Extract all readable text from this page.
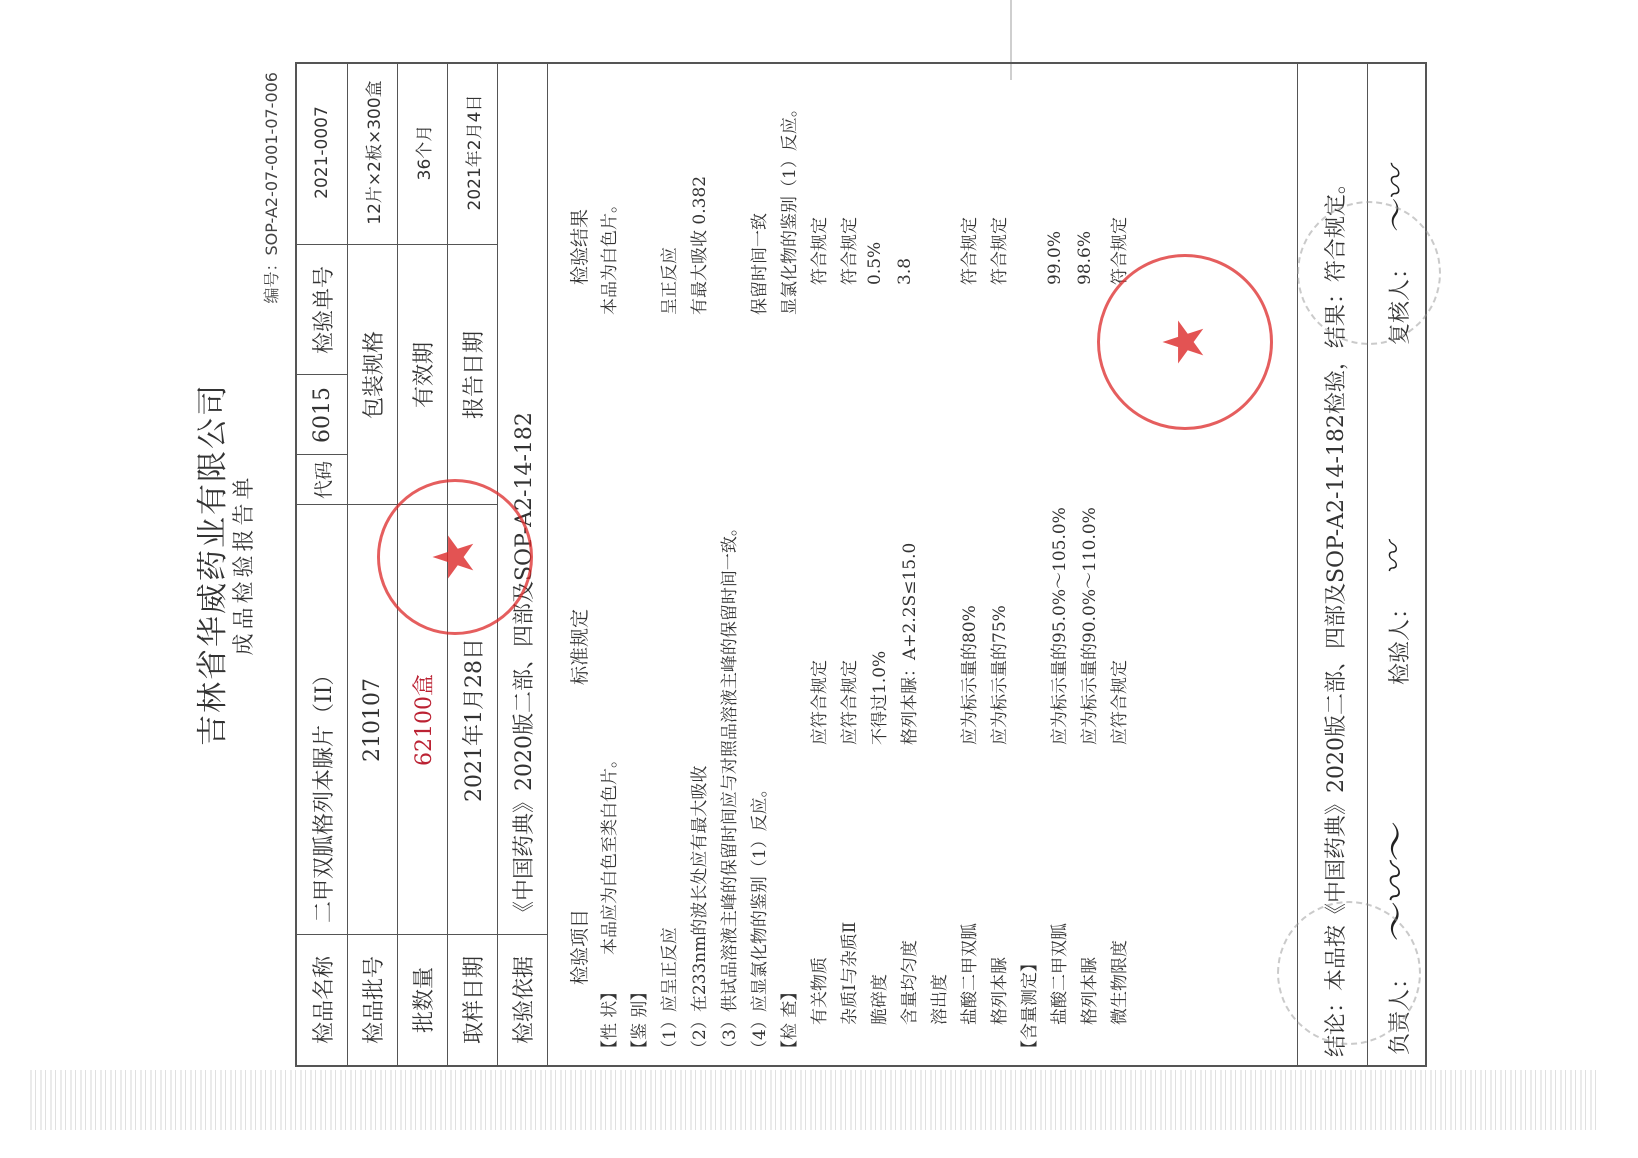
吉林省华威药业有限公司 成品检验报告单
编号：SOP-A2-07-001-07-006
检品名称
二甲双胍格列本脲片（II）
代码
6015
检验单号
2021-0007
检品批号
210107
包装规格
12片×2板×300盒
批数量
62100盒
有效期
36个月
取样日期
2021年1月28日
报告日期
2021年2月4日
检验依据
《中国药典》2020版二部、四部及SOP-A2-14-182
检验项目
标准规定
检验结果
【性 状】
本品应为白色至类白色片。
本品为白色片。
【鉴 别】 （1）应呈正反应
呈正反应
（2）在233nm的波长处应有最大吸收
有最大吸收 0.382
（3）供试品溶液主峰的保留时间应与对照品溶液主峰的保留时间一致。
保留时间一致
（4）应显氯化物的鉴别（1）反应。
显氯化物的鉴别（1）反应。
【检 查】 有关物质
应符合规定
符合规定
杂质Ⅰ与杂质Ⅱ
应符合规定
符合规定
脆碎度
不得过1.0%
0.5%
含量均匀度
格列本脲：A+2.2S≤15.0
3.8
溶出度 盐酸二甲双胍
应为标示量的80%
符合规定
格列本脲
应为标示量的75%
符合规定
【含量测定】 盐酸二甲双胍
应为标示量的95.0%～105.0%
99.0%
格列本脲
应为标示量的90.0%～110.0%
98.6%
微生物限度
应符合规定
符合规定	结论：本品按《中国药典》2020版二部、四部及SOP-A2-14-182检验，结果：符合规定。 负责人：
检验人：
复核人：
〜〰〜
〰
〜〰
★
★
